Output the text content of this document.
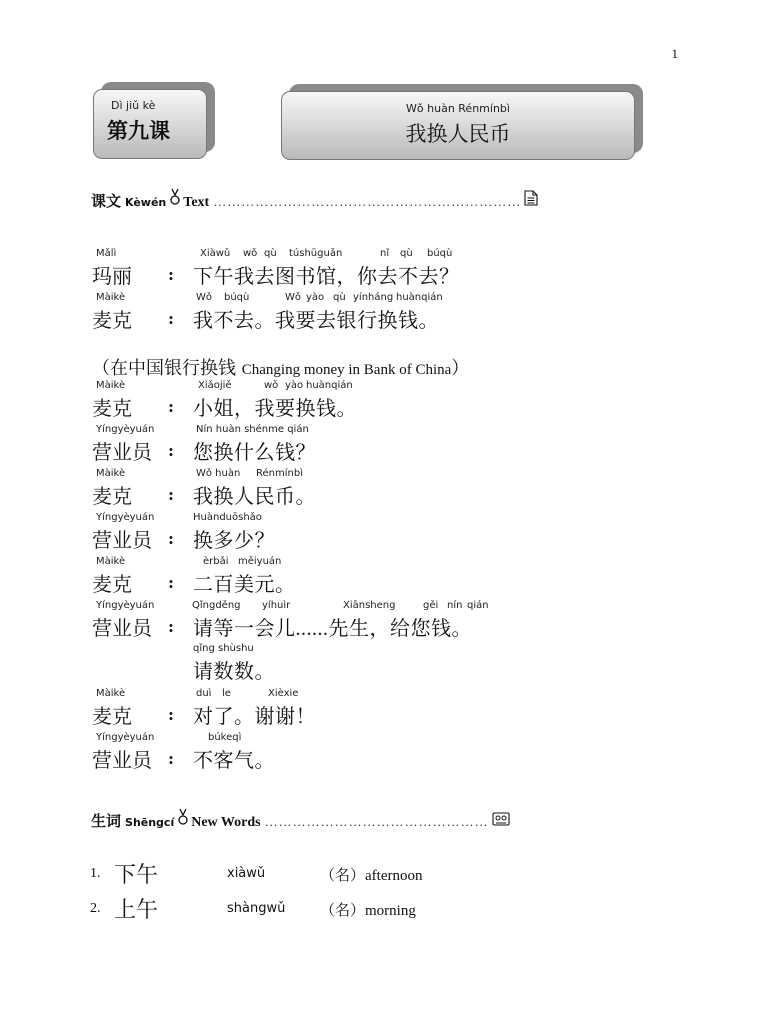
1
Dì jiǔ kè
第九课
Wǒ huàn Rénmínbì
我换人民币
课文 Kèwén Text …………………………………………………………
Mǎlì
玛丽 : 下午我去图书馆，你去不去？
Xiàwǔ wǒ qù túshūguǎn	nǐ qù búqù
Màikè
麦克 : 我不去。我要去银行换钱。
Wǒ búqù	Wǒ yào qù yínháng huànqián
（在中国银行换钱 Changing money in Bank of China）
Màikè
麦克 : 小姐，我要换钱。
Xiǎojiě	wǒ yào huànqián
Yíngyèyuán
营业员 : 您换什么钱？
Nín huàn shénme qián
Màikè
麦克 : 我换人民币。
Wǒ huàn Rénmínbì
Yíngyèyuán
营业员 : 换多少？
Huànduōshǎo
Màikè
麦克 : 二百美元。
èrbǎi měiyuán
Yíngyèyuán
营业员 : 请等一会儿......先生，给您钱。
Qǐngděng yíhuìr	Xiānsheng	gěi nín qián
请数数。
qǐng shùshu
Màikè
麦克 : 对了。谢谢！
duì le	Xièxie
Yíngyèyuán
营业员 : 不客气。
búkeqì
生词 Shēngcí New Words …………………………………………
1. 下午	xiàwǔ	（名）afternoon
2. 上午	shàngwǔ （名）morning
